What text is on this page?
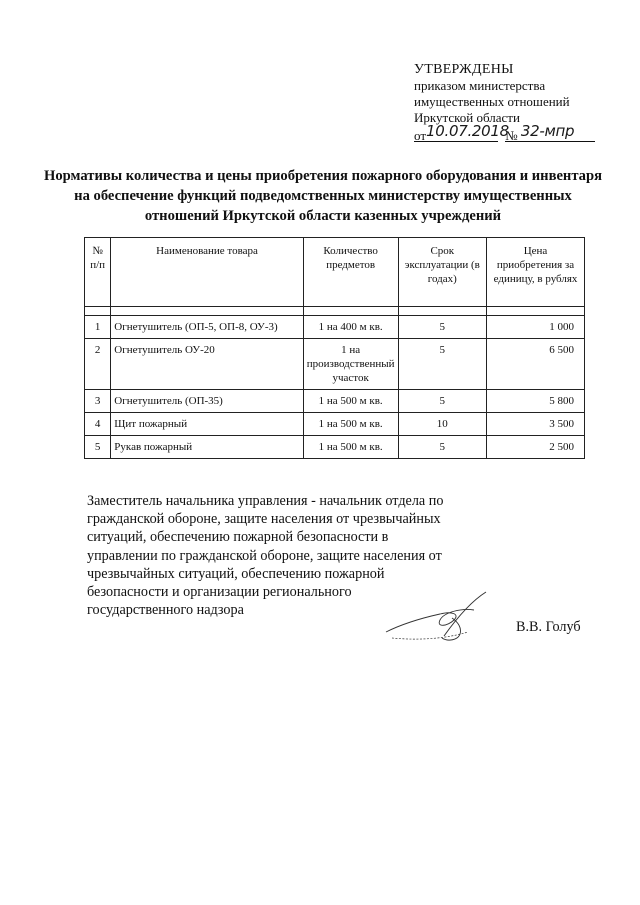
УТВЕРЖДЕНЫ
приказом министерства
имущественных отношений
Иркутской области
от10.07.2018 № 32-мпр
Нормативы количества и цены приобретения пожарного оборудования и инвентаря на обеспечение функций подведомственных министерству имущественных отношений Иркутской области казенных учреждений
№ п/п	Наименование товара	Количество предметов	Срок эксплуатации (в годах)	Цена приобретения за единицу, в рублях

1	Огнетушитель (ОП-5, ОП-8, ОУ-3)	1 на 400 м кв.	5	1 000
2	Огнетушитель ОУ-20	1 на производственный участок	5	6 500
3	Огнетушитель (ОП-35)	1 на 500 м кв.	5	5 800
4	Щит пожарный	1 на 500 м кв.	10	3 500
5	Рукав пожарный	1 на 500 м кв.	5	2 500
Заместитель начальника управления - начальник отдела по гражданской обороне, защите населения от чрезвычайных ситуаций, обеспечению пожарной безопасности в управлении по гражданской обороне, защите населения от чрезвычайных ситуаций, обеспечению пожарной безопасности и организации регионального государственного надзора
В.В. Голуб
